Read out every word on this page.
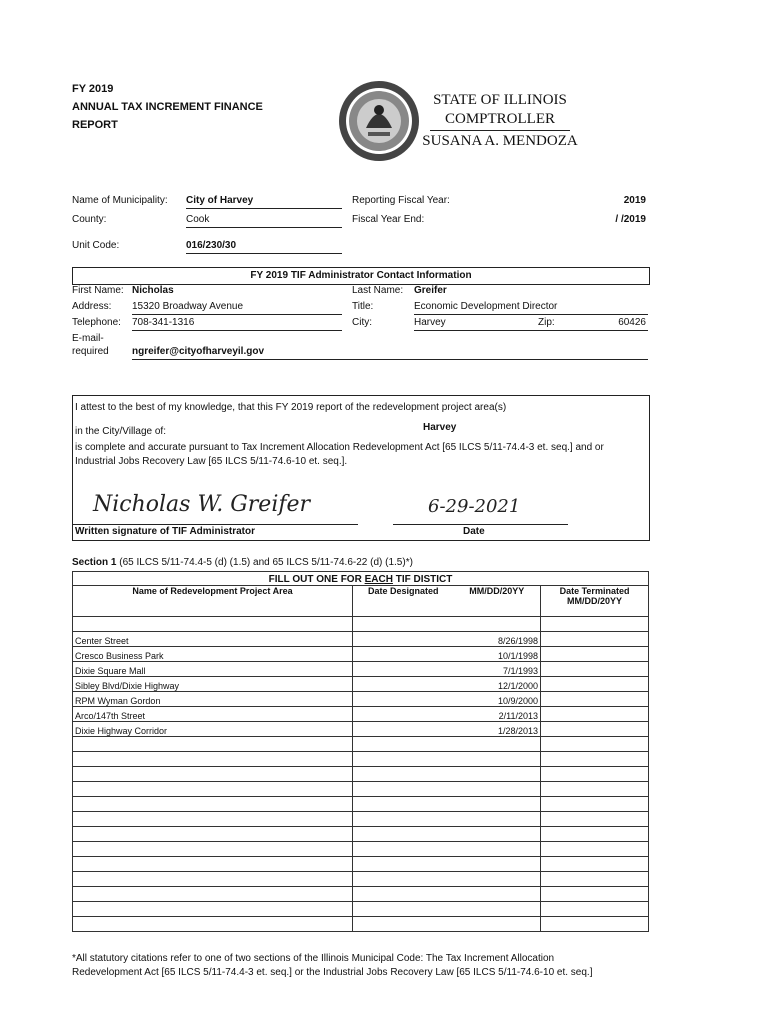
FY 2019
ANNUAL TAX INCREMENT FINANCE
REPORT
STATE OF ILLINOIS
COMPTROLLER
SUSANA A. MENDOZA
Name of Municipality: City of Harvey	Reporting Fiscal Year:	2019
County:	Cook	Fiscal Year End:	/ /2019
Unit Code:	016/230/30
FY 2019 TIF Administrator Contact Information
First Name: Nicholas	Last Name: Greifer
Address: 15320 Broadway Avenue	Title:	Economic Development Director
Telephone: 708-341-1316	City:	Harvey	Zip:	60426
E-mail-
required ngreifer@cityofharveyil.gov
I attest to the best of my knowledge, that this FY 2019 report of the redevelopment project area(s)
in the City/Village of:	Harvey
is complete and accurate pursuant to Tax Increment Allocation Redevelopment Act [65 ILCS 5/11-74.4-3 et. seq.] and or
Industrial Jobs Recovery Law [65 ILCS 5/11-74.6-10 et. seq.].
Nicholas W. Greifer
Written signature of TIF Administrator
6-29-2021
Date
Section 1 (65 ILCS 5/11-74.4-5 (d) (1.5) and 65 ILCS 5/11-74.6-22 (d) (1.5)*)
FILL OUT ONE FOR EACH TIF DISTICT			
Name of Redevelopment Project Area	Date Designated	MM/DD/20YY	Date Terminated
MM/DD/20YY

Center Street	8/26/1998		
Cresco Business Park	10/1/1998		
Dixie Square Mall	7/1/1993		
Sibley Blvd/Dixie Highway	12/1/2000		
RPM Wyman Gordon	10/9/2000		
Arco/147th Street	2/11/2013		
Dixie Highway Corridor	1/28/2013		

*All statutory citations refer to one of two sections of the Illinois Municipal Code: The Tax Increment Allocation
Redevelopment Act [65 ILCS 5/11-74.4-3 et. seq.] or the Industrial Jobs Recovery Law [65 ILCS 5/11-74.6-10 et. seq.]
